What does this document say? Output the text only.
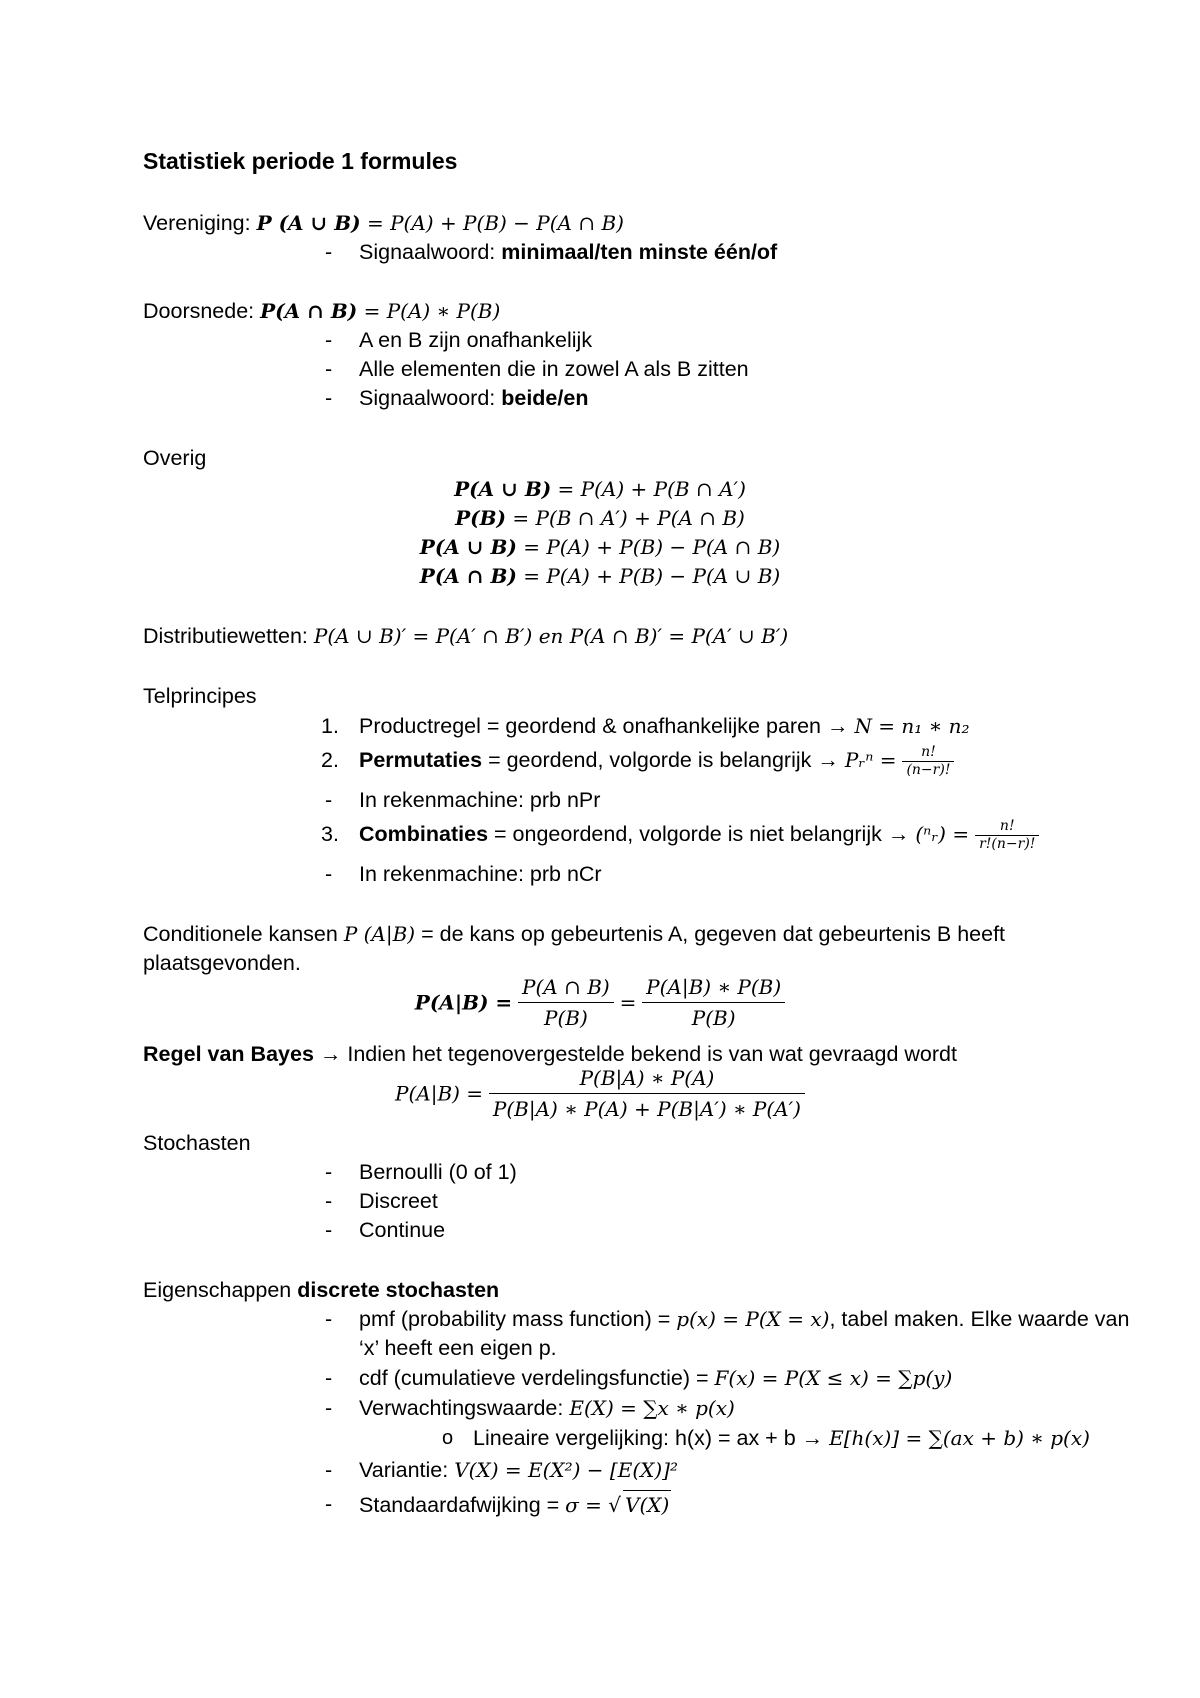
Statistiek periode 1 formules
Vereniging: P (A ∪ B) = P(A) + P(B) − P(A ∩ B)
- Signaalwoord: minimaal/ten minste één/of
Doorsnede: P(A ∩ B) = P(A) ∗ P(B)
- A en B zijn onafhankelijk
- Alle elementen die in zowel A als B zitten
- Signaalwoord: beide/en
Overig
P(A ∪ B) = P(A) + P(B ∩ A′)
P(B) = P(B ∩ A′) + P(A ∩ B)
P(A ∪ B) = P(A) + P(B) − P(A ∩ B)
P(A ∩ B) = P(A) + P(B) − P(A ∪ B)
Distributiewetten: P(A ∪ B)′ = P(A′ ∩ B′) en P(A ∩ B)′ = P(A′ ∪ B′)
Telprincipes
1. Productregel = geordend & onafhankelijke paren → N = n₁ ∗ n₂
2. Permutaties = geordend, volgorde is belangrijk → Pᵣⁿ = $\frac{n!}{(n-r)!}$
- In rekenmachine: prb nPr
3. Combinaties = ongeordend, volgorde is niet belangrijk → (ⁿᵣ) = $\frac{n!}{r!(n-r)!}$
- In rekenmachine: prb nCr
Conditionele kansen P (A|B) = de kans op gebeurtenis A, gegeven dat gebeurtenis B heeft
plaatsgevonden.
$P(A|B) = \frac{P(A \cap B)}{P(B)} = \frac{P(A|B) ∗ P(B)}{P(B)}$
Regel van Bayes → Indien het tegenovergestelde bekend is van wat gevraagd wordt
$P(A|B) = \frac{P(B|A) ∗ P(A)}{P(B|A) ∗ P(A) + P(B|A') ∗ P(A')}$
Stochasten
- Bernoulli (0 of 1)
- Discreet
- Continue
Eigenschappen discrete stochasten
- pmf (probability mass function) = p(x) = P(X = x), tabel maken. Elke waarde van
‘x’ heeft een eigen p.
- cdf (cumulatieve verdelingsfunctie) = F(x) = P(X ≤ x) = ∑p(y)
- Verwachtingswaarde: E(X) = ∑x ∗ p(x)
o Lineaire vergelijking: h(x) = ax + b → E[h(x)] = ∑(ax + b) ∗ p(x)
- Variantie: V(X) = E(X²) − [E(X)]²
- Standaardafwijking = σ = √ V(X)
